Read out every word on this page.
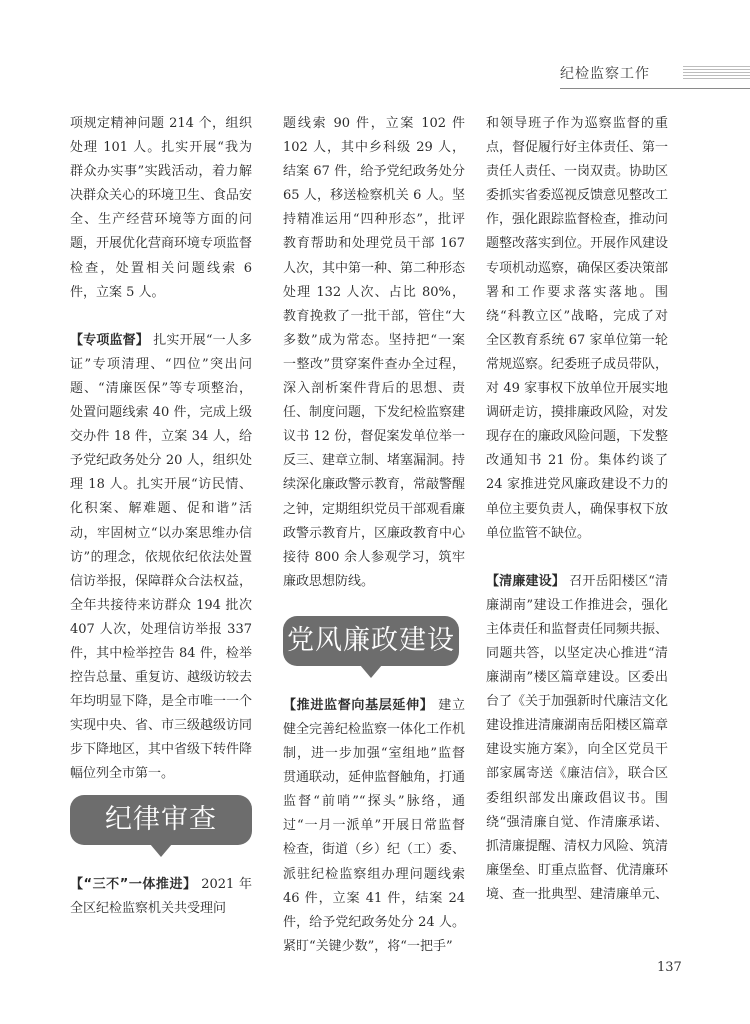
纪检监察工作

项规定精神问题 214 个，组织处理 101 人。扎实开展“我为群众办实事”实践活动，着力解决群众关心的环境卫生、食品安全、生产经营环境等方面的问题，开展优化营商环境专项监督检查，处置相关问题线索 6 件，立案 5 人。

【专项监督】 扎实开展“一人多证”专项清理、“四位”突出问题、“清廉医保”等专项整治，处置问题线索 40 件，完成上级交办件 18 件，立案 34 人，给予党纪政务处分 20 人，组织处理 18 人。扎实开展“访民情、化积案、解难题、促和谐”活动，牢固树立“以办案思维办信访”的理念，依规依纪依法处置信访举报，保障群众合法权益，全年共接待来访群众 194 批次 407 人次，处理信访举报 337 件，其中检举控告 84 件，检举控告总量、重复访、越级访较去年均明显下降，是全市唯一一个实现中央、省、市三级越级访同步下降地区，其中省级下转件降幅位列全市第一。

纪律审查

【“三不”一体推进】 2021 年全区纪检监察机关共受理问

题线索 90 件，立案 102 件 102 人，其中乡科级 29 人，结案 67 件，给予党纪政务处分65 人，移送检察机关 6 人。坚持精准运用“四种形态”，批评教育帮助和处理党员干部 167 人次，其中第一种、第二种形态处理 132 人次、占比 80%，教育挽救了一批干部，管住“大多数”成为常态。坚持把“一案一整改”贯穿案件查办全过程，深入剖析案件背后的思想、责任、制度问题，下发纪检监察建议书 12 份，督促案发单位举一反三、建章立制、堵塞漏洞。持续深化廉政警示教育，常敲警醒之钟，定期组织党员干部观看廉政警示教育片，区廉政教育中心接待 800 余人参观学习，筑牢廉政思想防线。

党风廉政建设

【推进监督向基层延伸】 建立健全完善纪检监察一体化工作机制，进一步加强“室组地”监督贯通联动，延伸监督触角，打通监督“前哨”“探头”脉络，通过“一月一派单”开展日常监督检查，街道（乡）纪（工）委、派驻纪检监察组办理问题线索 46 件，立案 41 件，结案 24 件，给予党纪政务处分 24 人。紧盯“关键少数”，将“一把手”

和领导班子作为巡察监督的重点，督促履行好主体责任、第一责任人责任、一岗双责。协助区委抓实省委巡视反馈意见整改工作，强化跟踪监督检查，推动问题整改落实到位。开展作风建设专项机动巡察，确保区委决策部署和工作要求落实落地。围绕“科教立区”战略，完成了对全区教育系统 67 家单位第一轮常规巡察。纪委班子成员带队，对 49 家事权下放单位开展实地调研走访，摸排廉政风险，对发现存在的廉政风险问题，下发整改通知书 21 份。集体约谈了 24 家推进党风廉政建设不力的单位主要负责人，确保事权下放单位监管不缺位。

【清廉建设】 召开岳阳楼区“清廉湖南”建设工作推进会，强化主体责任和监督责任同频共振、同题共答，以坚定决心推进“清廉湖南”楼区篇章建设。区委出台了《关于加强新时代廉洁文化建设推进清廉湖南岳阳楼区篇章建设实施方案》，向全区党员干部家属寄送《廉洁信》，联合区委组织部发出廉政倡议书。围绕“强清廉自觉、作清廉承诺、抓清廉提醒、清权力风险、筑清廉堡垒、盯重点监督、优清廉环境、查一批典型、建清廉单元、

137
